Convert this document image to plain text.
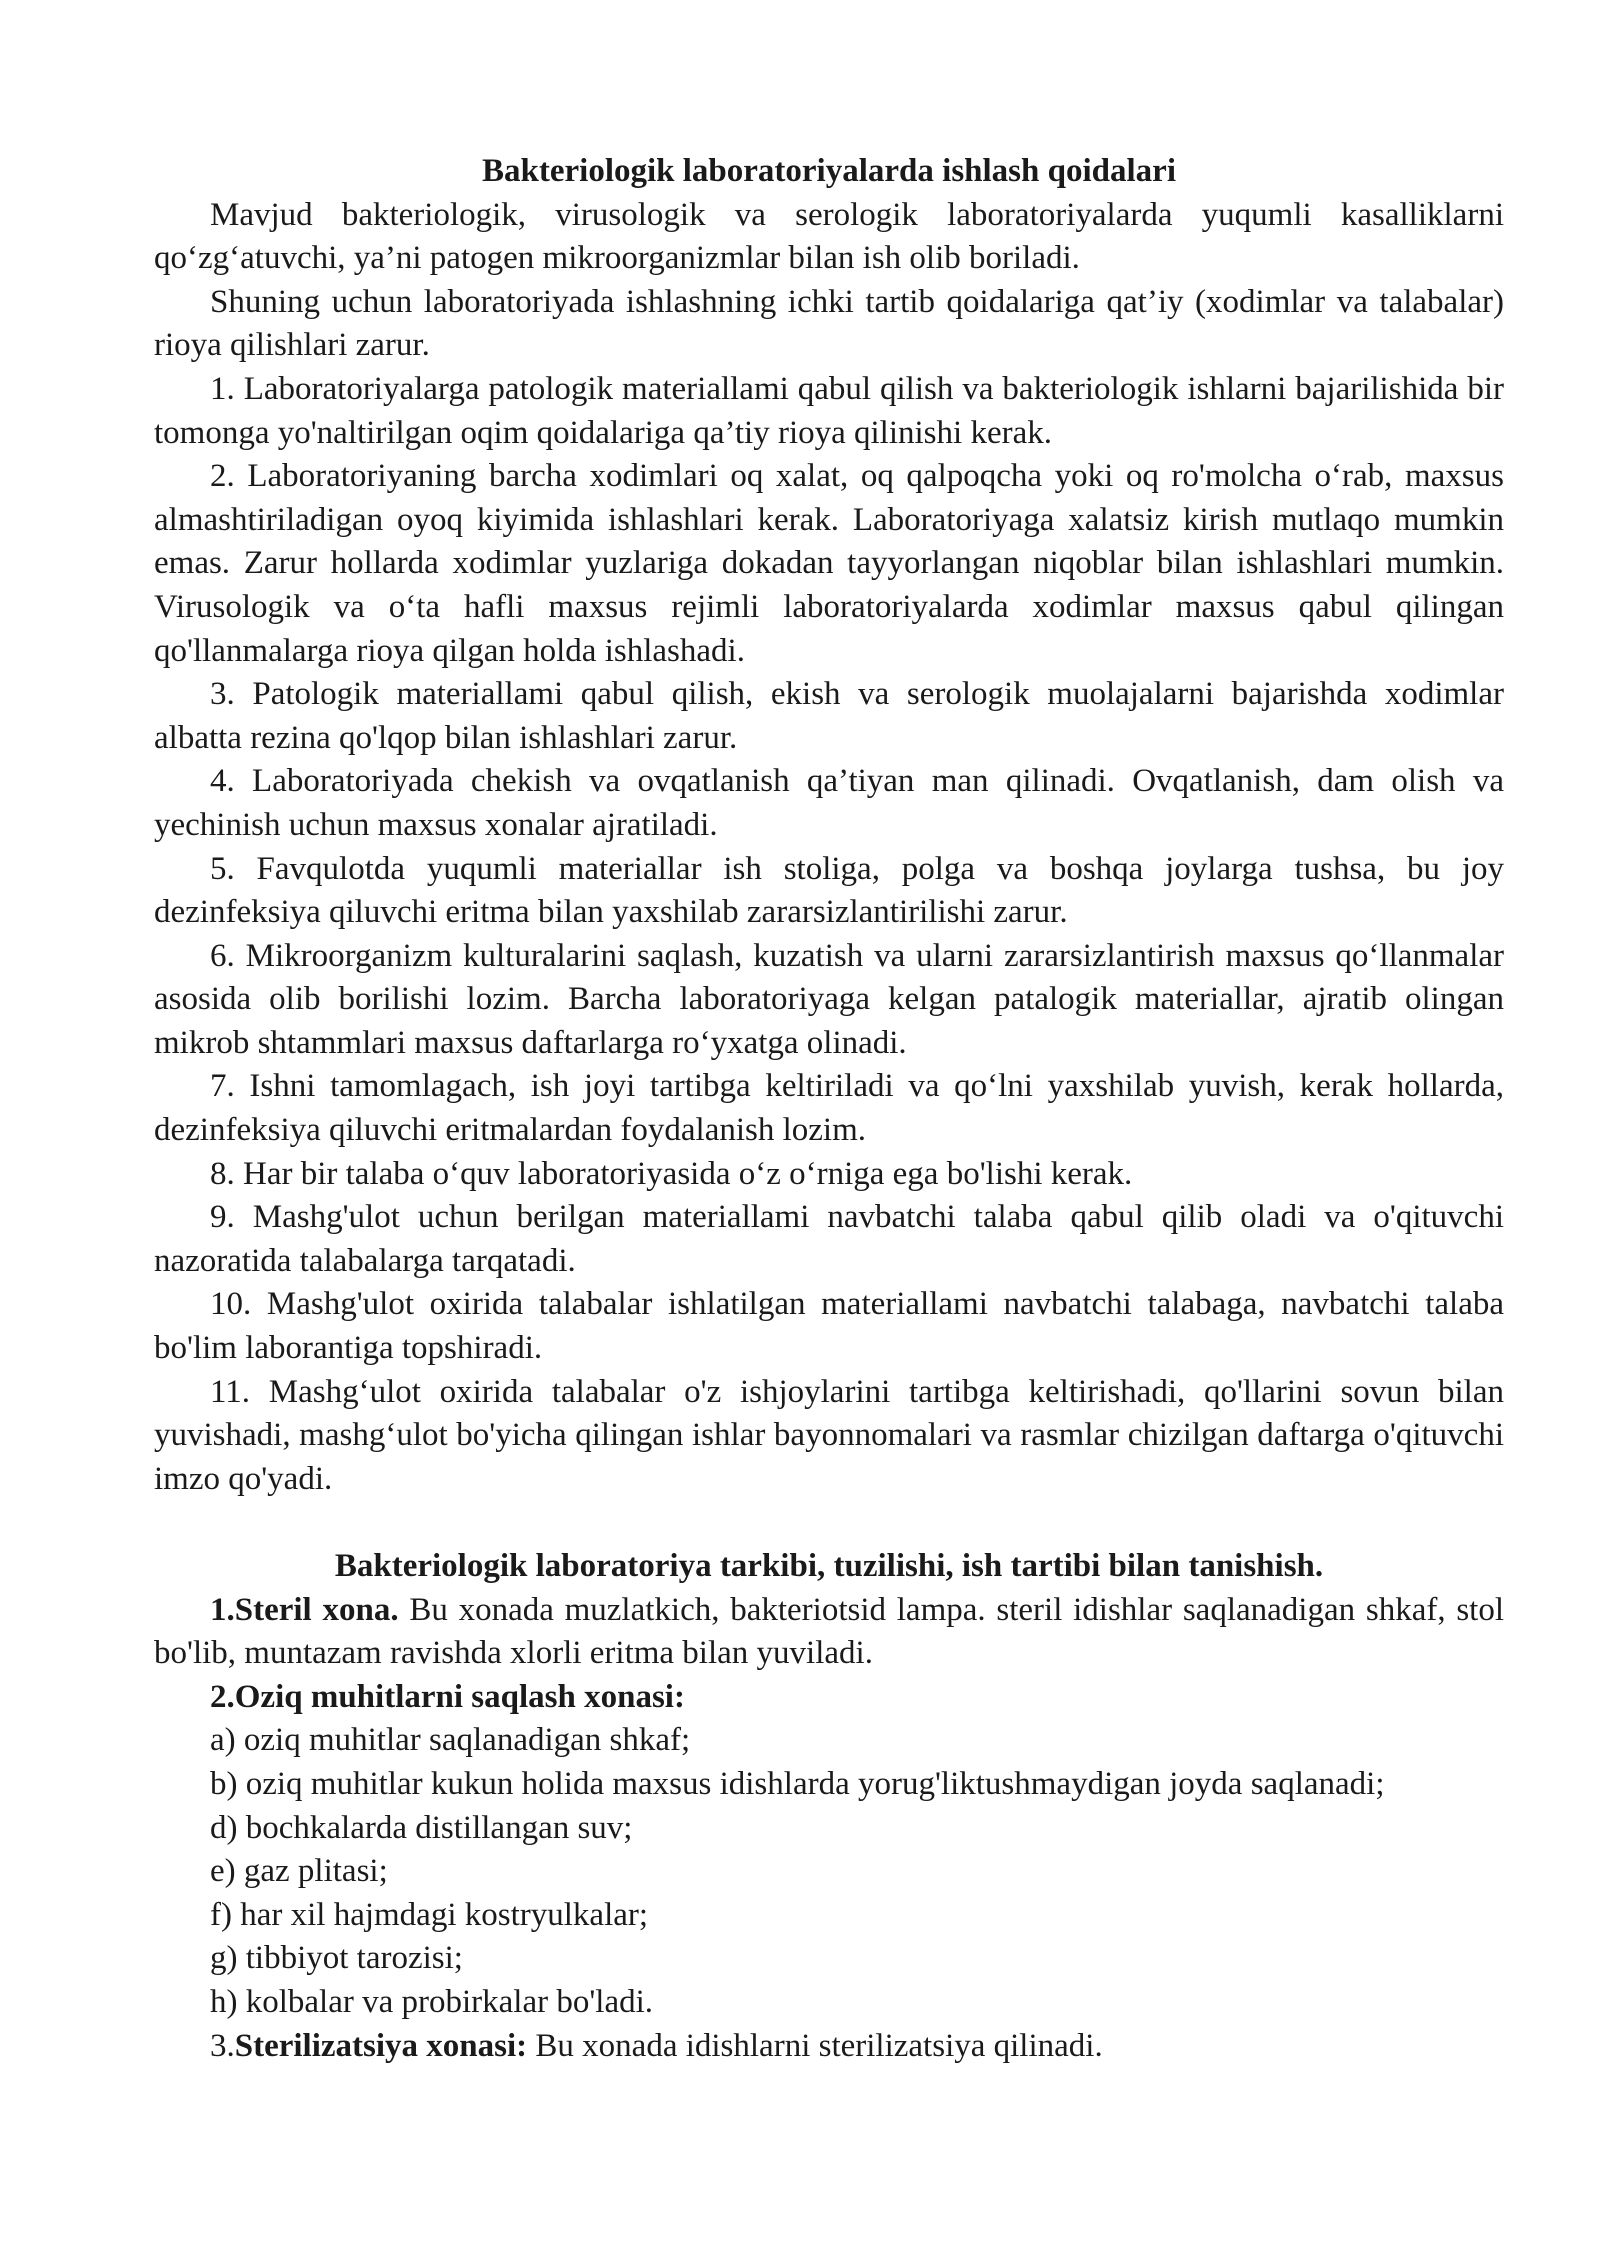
Bakteriologik laboratoriyalarda ishlash qoidalari

Mavjud bakteriologik, virusologik va serologik laboratoriyalarda yuqumli kasalliklarni qo‘zg‘atuvchi, ya’ni patogen mikroorganizmlar bilan ish olib boriladi.

Shuning uchun laboratoriyada ishlashning ichki tartib qoidalariga qat’iy (xodimlar va talabalar) rioya qilishlari zarur.

1. Laboratoriyalarga patologik materiallami qabul qilish va bakteriologik ishlarni bajarilishida bir tomonga yo'naltirilgan oqim qoidalariga qa’tiy rioya qilinishi kerak.

2. Laboratoriyaning barcha xodimlari oq xalat, oq qalpoqcha yoki oq ro'molcha o‘rab, maxsus almashtiriladigan oyoq kiyimida ishlashlari kerak. Laboratoriyaga xalatsiz kirish mutlaqo mumkin emas. Zarur hollarda xodimlar yuzlariga dokadan tayyorlangan niqoblar bilan ishlashlari mumkin. Virusologik va o‘ta hafli maxsus rejimli laboratoriyalarda xodimlar maxsus qabul qilingan qo'llanmalarga rioya qilgan holda ishlashadi.

3. Patologik materiallami qabul qilish, ekish va serologik muolajalarni bajarishda xodimlar albatta rezina qo'lqop bilan ishlashlari zarur.

4. Laboratoriyada chekish va ovqatlanish qa’tiyan man qilinadi. Ovqatlanish, dam olish va yechinish uchun maxsus xonalar ajratiladi.

5. Favqulotda yuqumli materiallar ish stoliga, polga va boshqa joylarga tushsa, bu joy dezinfeksiya qiluvchi eritma bilan yaxshilab zararsizlantirilishi zarur.

6. Mikroorganizm kulturalarini saqlash, kuzatish va ularni zararsizlantirish maxsus qo‘llanmalar asosida olib borilishi lozim. Barcha laboratoriyaga kelgan patalogik materiallar, ajratib olingan mikrob shtammlari maxsus daftarlarga ro‘yxatga olinadi.

7. Ishni tamomlagach, ish joyi tartibga keltiriladi va qo‘lni yaxshilab yuvish, kerak hollarda, dezinfeksiya qiluvchi eritmalardan foydalanish lozim.

8. Har bir talaba o‘quv laboratoriyasida o‘z o‘rniga ega bo'lishi kerak.

9. Mashg'ulot uchun berilgan materiallami navbatchi talaba qabul qilib oladi va o'qituvchi nazoratida talabalarga tarqatadi.

10. Mashg'ulot oxirida talabalar ishlatilgan materiallami navbatchi talabaga, navbatchi talaba bo'lim laborantiga topshiradi.

11. Mashg‘ulot oxirida talabalar o'z ishjoylarini tartibga keltirishadi, qo'llarini sovun bilan yuvishadi, mashg‘ulot bo'yicha qilingan ishlar bayonnomalari va rasmlar chizilgan daftarga o'qituvchi imzo qo'yadi.

Bakteriologik laboratoriya tarkibi, tuzilishi, ish tartibi bilan tanishish.

1.Steril xona. Bu xonada muzlatkich, bakteriotsid lampa. steril idishlar saqlanadigan shkaf, stol bo'lib, muntazam ravishda xlorli eritma bilan yuviladi.

2.Oziq muhitlarni saqlash xonasi:

a) oziq muhitlar saqlanadigan shkaf;

b) oziq muhitlar kukun holida maxsus idishlarda yorug'liktushmaydigan joyda saqlanadi;

d) bochkalarda distillangan suv;

e) gaz plitasi;

f) har xil hajmdagi kostryulkalar;

g) tibbiyot tarozisi;

h) kolbalar va probirkalar bo'ladi.

3.Sterilizatsiya xonasi: Bu xonada idishlarni sterilizatsiya qilinadi.
